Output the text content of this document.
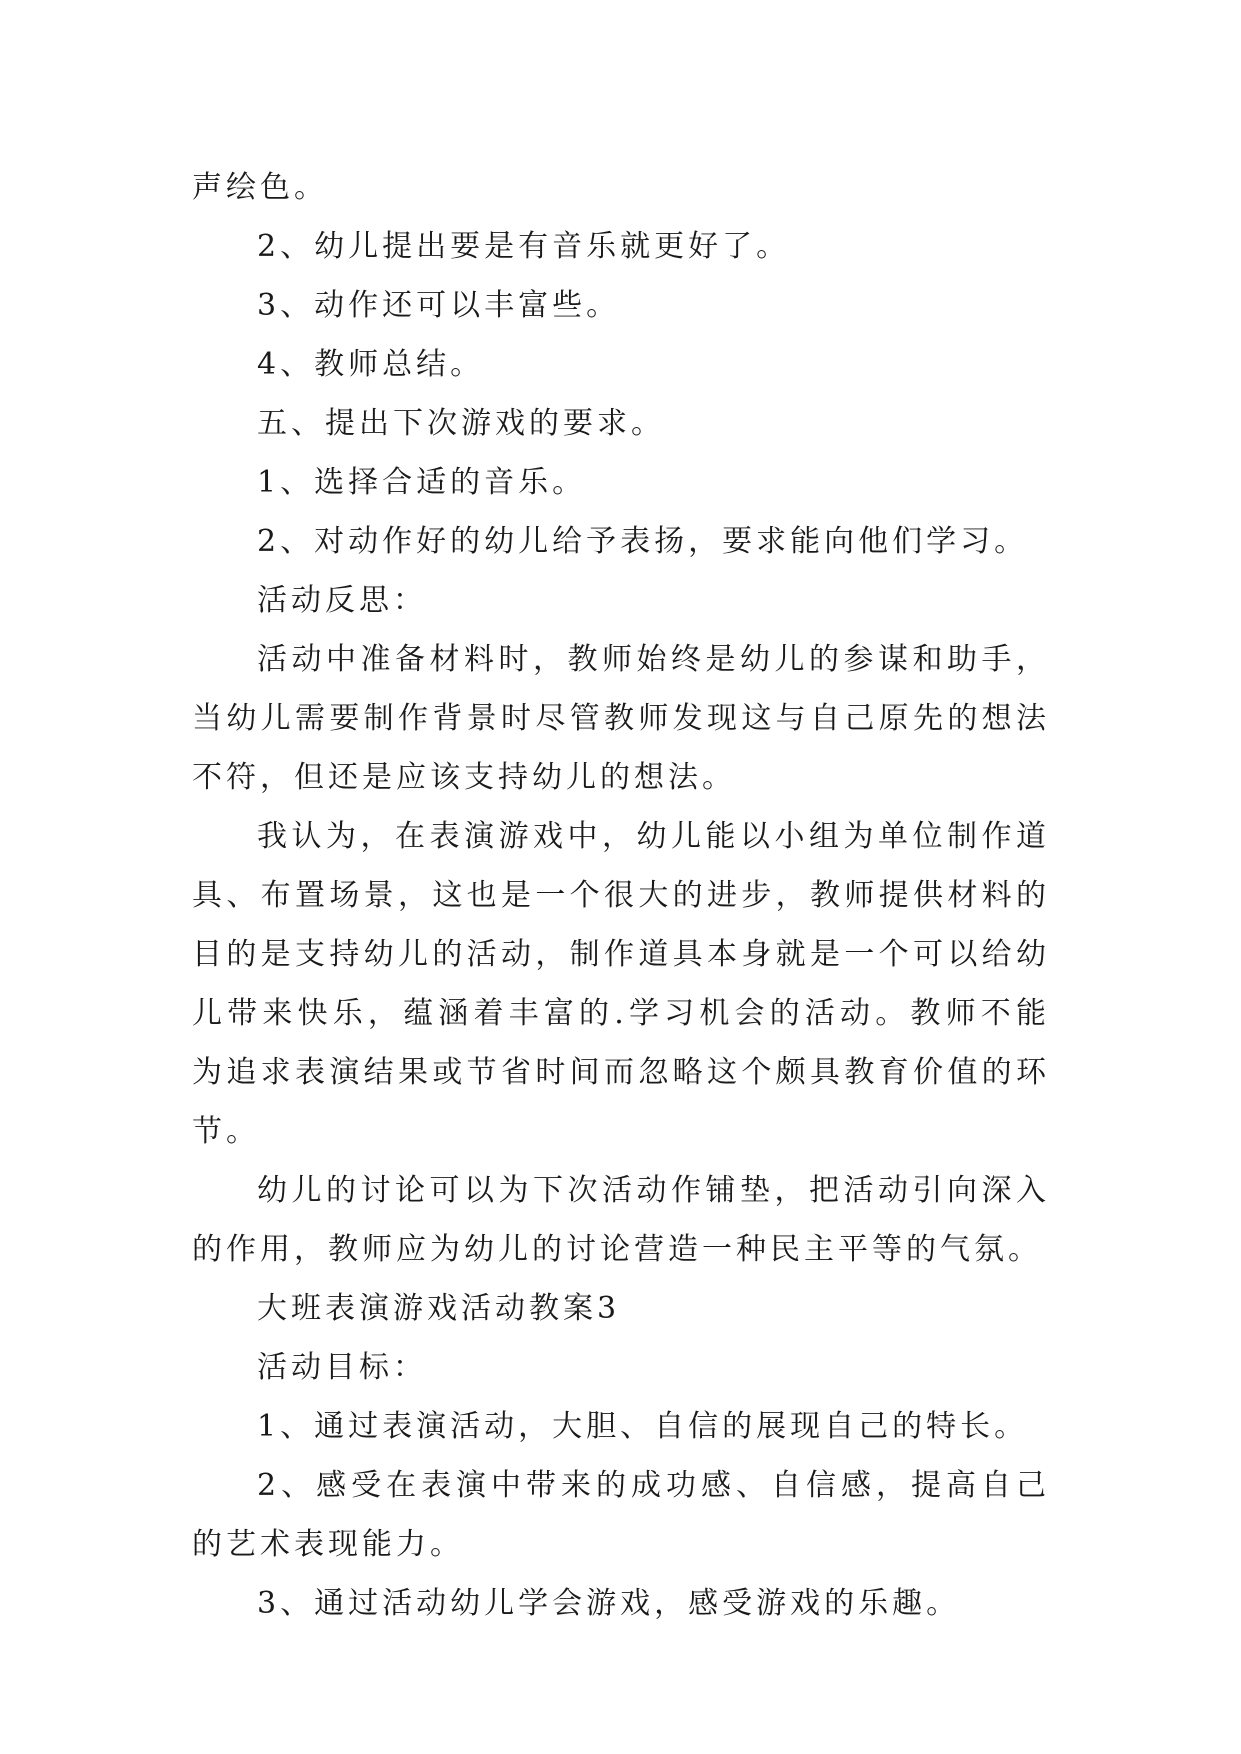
声绘色。

2、幼儿提出要是有音乐就更好了。

3、动作还可以丰富些。

4、教师总结。

五、提出下次游戏的要求。

1、选择合适的音乐。

2、对动作好的幼儿给予表扬，要求能向他们学习。

活动反思：

活动中准备材料时，教师始终是幼儿的参谋和助手，当幼儿需要制作背景时尽管教师发现这与自己原先的想法不符，但还是应该支持幼儿的想法。

我认为，在表演游戏中，幼儿能以小组为单位制作道具、布置场景，这也是一个很大的进步，教师提供材料的目的是支持幼儿的活动，制作道具本身就是一个可以给幼儿带来快乐，蕴涵着丰富的.学习机会的活动。教师不能为追求表演结果或节省时间而忽略这个颇具教育价值的环节。

幼儿的讨论可以为下次活动作铺垫，把活动引向深入的作用，教师应为幼儿的讨论营造一种民主平等的气氛。

大班表演游戏活动教案3

活动目标：

1、通过表演活动，大胆、自信的展现自己的特长。

2、感受在表演中带来的成功感、自信感，提高自己的艺术表现能力。

3、通过活动幼儿学会游戏，感受游戏的乐趣。
